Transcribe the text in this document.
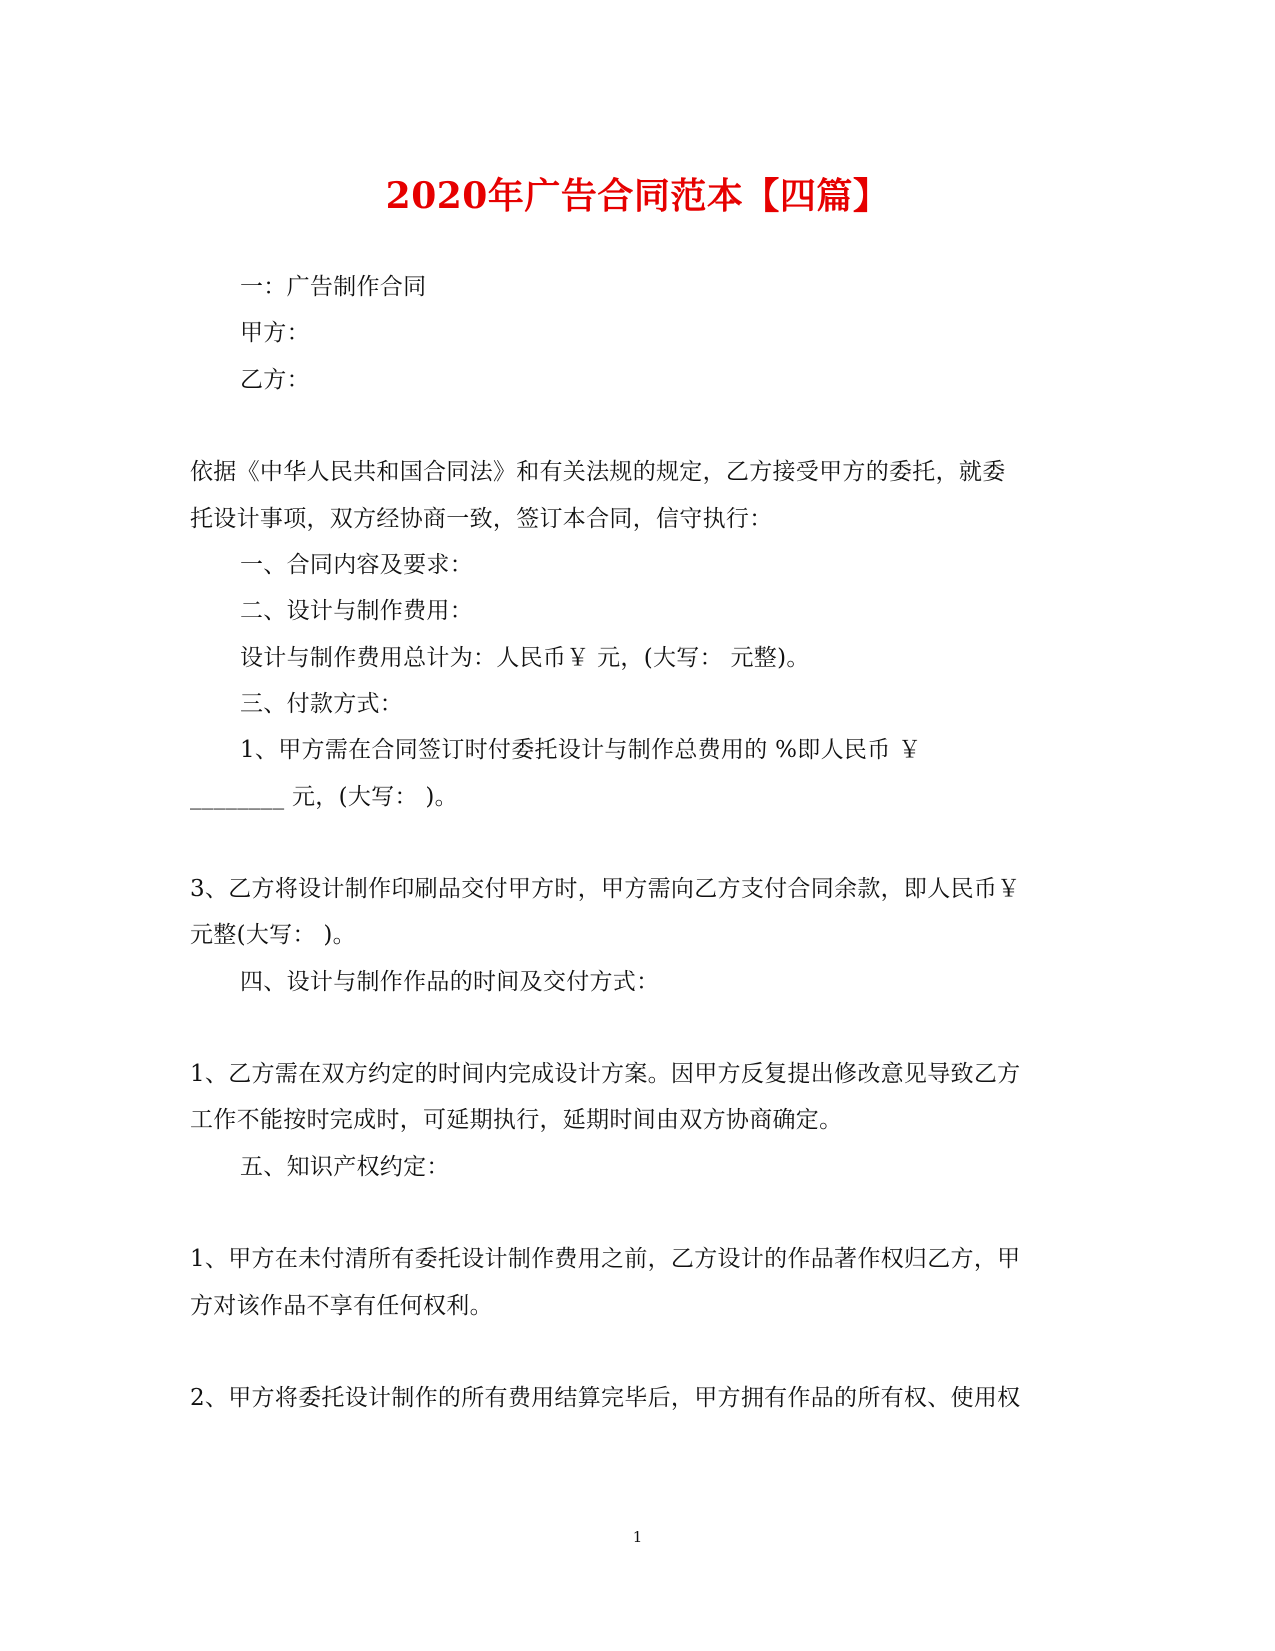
2020年广告合同范本【四篇】
一：广告制作合同
甲方：
乙方：
依据《中华人民共和国合同法》和有关法规的规定，乙方接受甲方的委托，就委
托设计事项，双方经协商一致，签订本合同，信守执行：
一、合同内容及要求：
二、设计与制作费用：
设计与制作费用总计为：人民币￥ 元，(大写： 元整)。
三、付款方式：
1、甲方需在合同签订时付委托设计与制作总费用的 %即人民币 ￥
________ 元，(大写： )。
3、乙方将设计制作印刷品交付甲方时，甲方需向乙方支付合同余款，即人民币￥
元整(大写： )。
四、设计与制作作品的时间及交付方式：
1、乙方需在双方约定的时间内完成设计方案。因甲方反复提出修改意见导致乙方
工作不能按时完成时，可延期执行，延期时间由双方协商确定。
五、知识产权约定：
1、甲方在未付清所有委托设计制作费用之前，乙方设计的作品著作权归乙方，甲
方对该作品不享有任何权利。
2、甲方将委托设计制作的所有费用结算完毕后，甲方拥有作品的所有权、使用权
1
